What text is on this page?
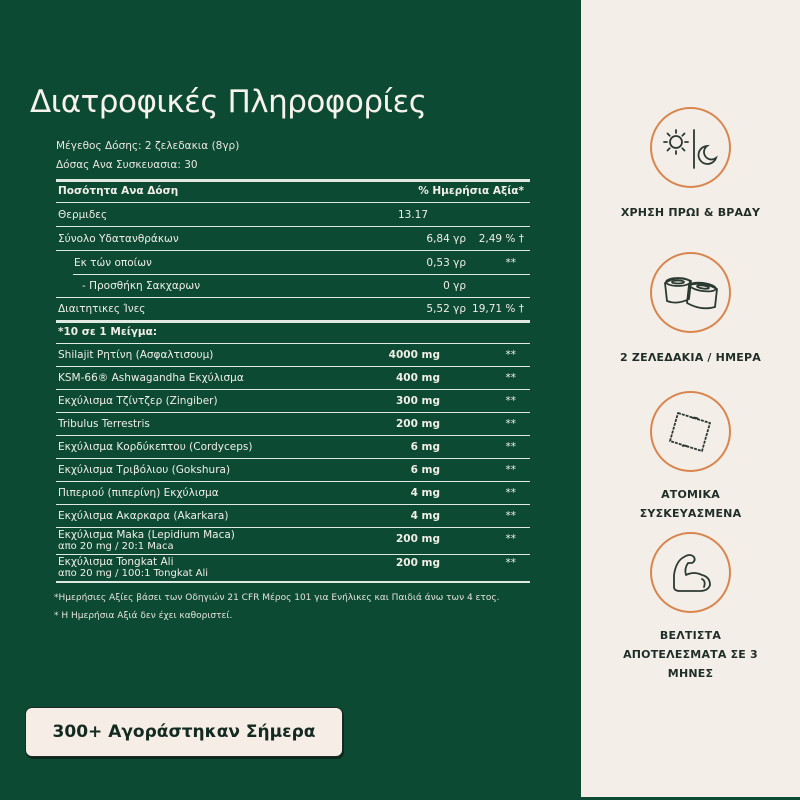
Διατροφικές Πληροφορίες
Μέγεθος Δόσης: 2 ζελεδακια (8γρ)
Δόσας Ανα Συσκευασια: 30
Ποσότητα Ανα Δόση	% Ημερήσια Αξία*
Θερμιδες	13.17
Σύνολο Υδατανθράκων	6,84 γρ 2,49 % †
Εκ τών οποίων	0,53 γρ	**
- Προσθήκη Σακχαρων	0 γρ
Διαιτητικες Ίνες	5,52 γρ 19,71 % †
*10 σε 1 Μείγμα:
Shilajit Ρητίνη (Ασφαλτισουμ)	4000 mg	**
KSM-66® Ashwagandha Εκχύλισμα	400 mg	**
Εκχύλισμα Τζίντζερ (Zingiber)	300 mg	**
Tribulus Terrestris	200 mg	**
Εκχύλισμα Κορδύκεπτου (Cordyceps)	6 mg	**
Εκχύλισμα Τριβόλιου (Gokshura)	6 mg	**
Πιπεριού (πιπερίνη) Εκχύλισμα	4 mg	**
Εκχύλισμα Ακαρκαρα (Akarkara)	4 mg	**
Εκχύλισμα Μaka (Lepidium Maca)
απο 20 mg / 20:1 Maca
200 mg	**
Εκχύλισμα Tongkat Ali
απο 20 mg / 100:1 Tongkat Ali
200 mg	**

*Ημερήσιες Αξίες βάσει των Οδηγιών 21 CFR Μέρος 101 για Ενήλικες και Παιδιά άνω των 4 ετος.

* Η Ημερήσια Αξιά δεν έχει καθοριστεί.

300+ Αγοράστηκαν Σήμερα
ΧΡΗΣΗ ΠΡΩΙ & ΒΡΑΔΥ
2 ΖΕΛΕΔΑΚΙΑ / ΗΜΕΡΑ
ΑΤΟΜΙΚΑ ΣΥΣΚΕΥΑΣΜΕΝΑ
ΒΕΛΤΙΣΤΑ ΑΠΟΤΕΛΕΣΜΑΤΑ ΣΕ 3 ΜΗΝΕΣ
